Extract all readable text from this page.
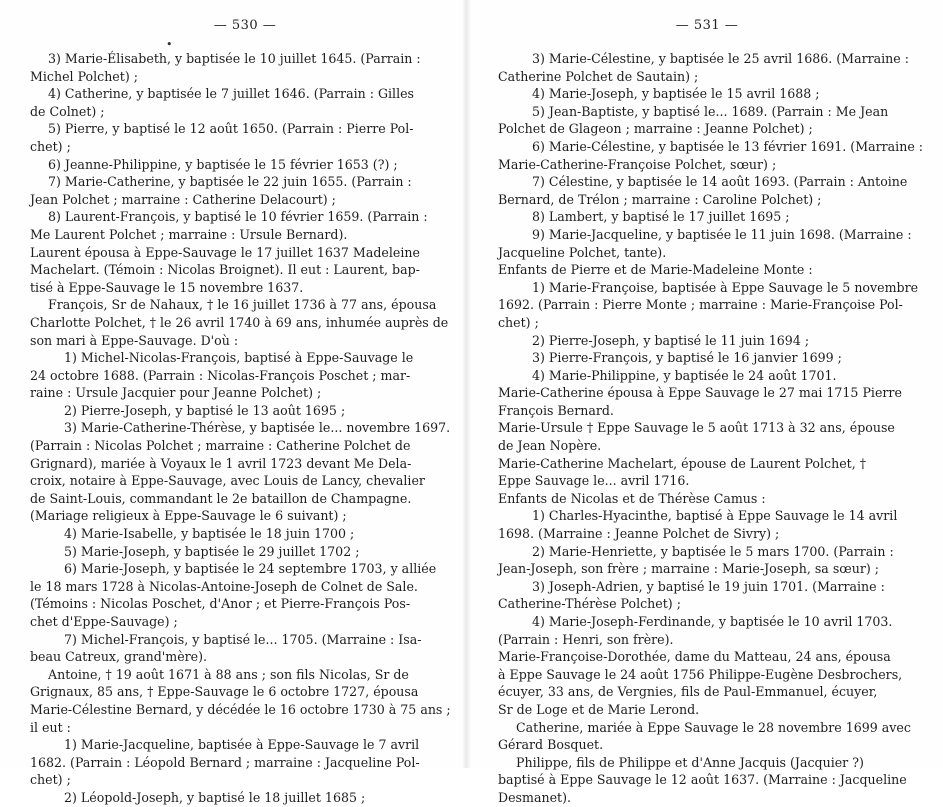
•
— 530 —
3) Marie-Élisabeth, y baptisée le 10 juillet 1645. (Parrain :
Michel Polchet) ;
4) Catherine, y baptisée le 7 juillet 1646. (Parrain : Gilles
de Colnet) ;
5) Pierre, y baptisé le 12 août 1650. (Parrain : Pierre Pol-
chet) ;
6) Jeanne-Philippine, y baptisée le 15 février 1653 (?) ;
7) Marie-Catherine, y baptisée le 22 juin 1655. (Parrain :
Jean Polchet ; marraine : Catherine Delacourt) ;
8) Laurent-François, y baptisé le 10 février 1659. (Parrain :
Me Laurent Polchet ; marraine : Ursule Bernard).
Laurent épousa à Eppe-Sauvage le 17 juillet 1637 Madeleine
Machelart. (Témoin : Nicolas Broignet). Il eut : Laurent, bap-
tisé à Eppe-Sauvage le 15 novembre 1637.
François, Sr de Nahaux, † le 16 juillet 1736 à 77 ans, épousa
Charlotte Polchet, † le 26 avril 1740 à 69 ans, inhumée auprès de
son mari à Eppe-Sauvage. D'où :
1) Michel-Nicolas-François, baptisé à Eppe-Sauvage le
24 octobre 1688. (Parrain : Nicolas-François Poschet ; mar-
raine : Ursule Jacquier pour Jeanne Polchet) ;
2) Pierre-Joseph, y baptisé le 13 août 1695 ;
3) Marie-Catherine-Thérèse, y baptisée le... novembre 1697.
(Parrain : Nicolas Polchet ; marraine : Catherine Polchet de
Grignard), mariée à Voyaux le 1 avril 1723 devant Me Dela-
croix, notaire à Eppe-Sauvage, avec Louis de Lancy, chevalier
de Saint-Louis, commandant le 2e bataillon de Champagne.
(Mariage religieux à Eppe-Sauvage le 6 suivant) ;
4) Marie-Isabelle, y baptisée le 18 juin 1700 ;
5) Marie-Joseph, y baptisée le 29 juillet 1702 ;
6) Marie-Joseph, y baptisée le 24 septembre 1703, y alliée
le 18 mars 1728 à Nicolas-Antoine-Joseph de Colnet de Sale.
(Témoins : Nicolas Poschet, d'Anor ; et Pierre-François Pos-
chet d'Eppe-Sauvage) ;
7) Michel-François, y baptisé le... 1705. (Marraine : Isa-
beau Catreux, grand'mère).
Antoine, † 19 août 1671 à 88 ans ; son fils Nicolas, Sr de
Grignaux, 85 ans, † Eppe-Sauvage le 6 octobre 1727, épousa
Marie-Célestine Bernard, y décédée le 16 octobre 1730 à 75 ans ;
il eut :
1) Marie-Jacqueline, baptisée à Eppe-Sauvage le 7 avril
1682. (Parrain : Léopold Bernard ; marraine : Jacqueline Pol-
chet) ;
2) Léopold-Joseph, y baptisé le 18 juillet 1685 ;
— 531 —
3) Marie-Célestine, y baptisée le 25 avril 1686. (Marraine :
Catherine Polchet de Sautain) ;
4) Marie-Joseph, y baptisée le 15 avril 1688 ;
5) Jean-Baptiste, y baptisé le... 1689. (Parrain : Me Jean
Polchet de Glageon ; marraine : Jeanne Polchet) ;
6) Marie-Célestine, y baptisée le 13 février 1691. (Marraine :
Marie-Catherine-Françoise Polchet, sœur) ;
7) Célestine, y baptisée le 14 août 1693. (Parrain : Antoine
Bernard, de Trélon ; marraine : Caroline Polchet) ;
8) Lambert, y baptisé le 17 juillet 1695 ;
9) Marie-Jacqueline, y baptisée le 11 juin 1698. (Marraine :
Jacqueline Polchet, tante).
Enfants de Pierre et de Marie-Madeleine Monte :
1) Marie-Françoise, baptisée à Eppe Sauvage le 5 novembre
1692. (Parrain : Pierre Monte ; marraine : Marie-Françoise Pol-
chet) ;
2) Pierre-Joseph, y baptisé le 11 juin 1694 ;
3) Pierre-François, y baptisé le 16 janvier 1699 ;
4) Marie-Philippine, y baptisée le 24 août 1701.
Marie-Catherine épousa à Eppe Sauvage le 27 mai 1715 Pierre
François Bernard.
Marie-Ursule † Eppe Sauvage le 5 août 1713 à 32 ans, épouse
de Jean Nopère.
Marie-Catherine Machelart, épouse de Laurent Polchet, †
Eppe Sauvage le... avril 1716.
Enfants de Nicolas et de Thérèse Camus :
1) Charles-Hyacinthe, baptisé à Eppe Sauvage le 14 avril
1698. (Marraine : Jeanne Polchet de Sivry) ;
2) Marie-Henriette, y baptisée le 5 mars 1700. (Parrain :
Jean-Joseph, son frère ; marraine : Marie-Joseph, sa sœur) ;
3) Joseph-Adrien, y baptisé le 19 juin 1701. (Marraine :
Catherine-Thérèse Polchet) ;
4) Marie-Joseph-Ferdinande, y baptisée le 10 avril 1703.
(Parrain : Henri, son frère).
Marie-Françoise-Dorothée, dame du Matteau, 24 ans, épousa
à Eppe Sauvage le 24 août 1756 Philippe-Eugène Desbrochers,
écuyer, 33 ans, de Vergnies, fils de Paul-Emmanuel, écuyer,
Sr de Loge et de Marie Lerond.
Catherine, mariée à Eppe Sauvage le 28 novembre 1699 avec
Gérard Bosquet.
Philippe, fils de Philippe et d'Anne Jacquis (Jacquier ?)
baptisé à Eppe Sauvage le 12 août 1637. (Marraine : Jacqueline
Desmanet).
